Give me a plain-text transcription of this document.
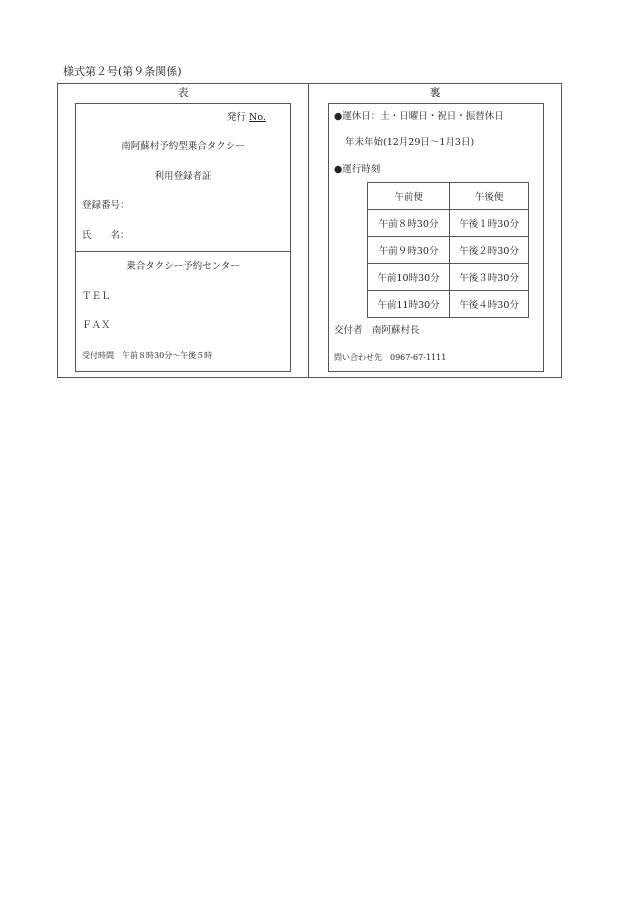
様式第２号(第９条関係)
表
発行 No.
南阿蘇村予約型乗合タクシー
利用登録者証
登録番号：
氏　　名：
乗合タクシー予約センター
ＴＥＬ
ＦＡＸ
受付時間　午前８時30分～午後５時
裏
●運休日：土・日曜日・祝日・振替休日
年末年始(12月29日～1月3日)
●運行時刻
午前便	午後便
午前８時30分	午後１時30分
午前９時30分	午後２時30分
午前10時30分	午後３時30分
午前11時30分	午後４時30分
交付者　南阿蘇村長
問い合わせ先　0967-67-1111
